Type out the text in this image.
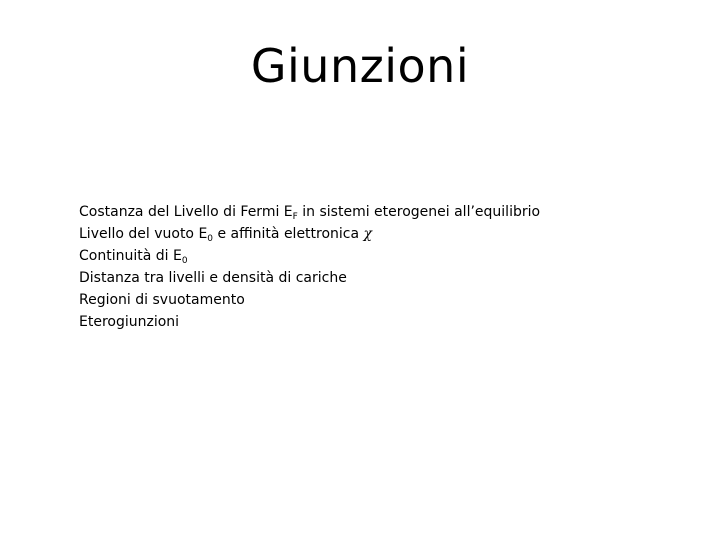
Giunzioni
Costanza del Livello di Fermi $E_F$ in sistemi eterogenei all’equilibrio
Livello del vuoto $E_0$ e affinità elettronica χ
Continuità di $E_0$
Distanza tra livelli e densità di cariche
Regioni di svuotamento
Eterogiunzioni
